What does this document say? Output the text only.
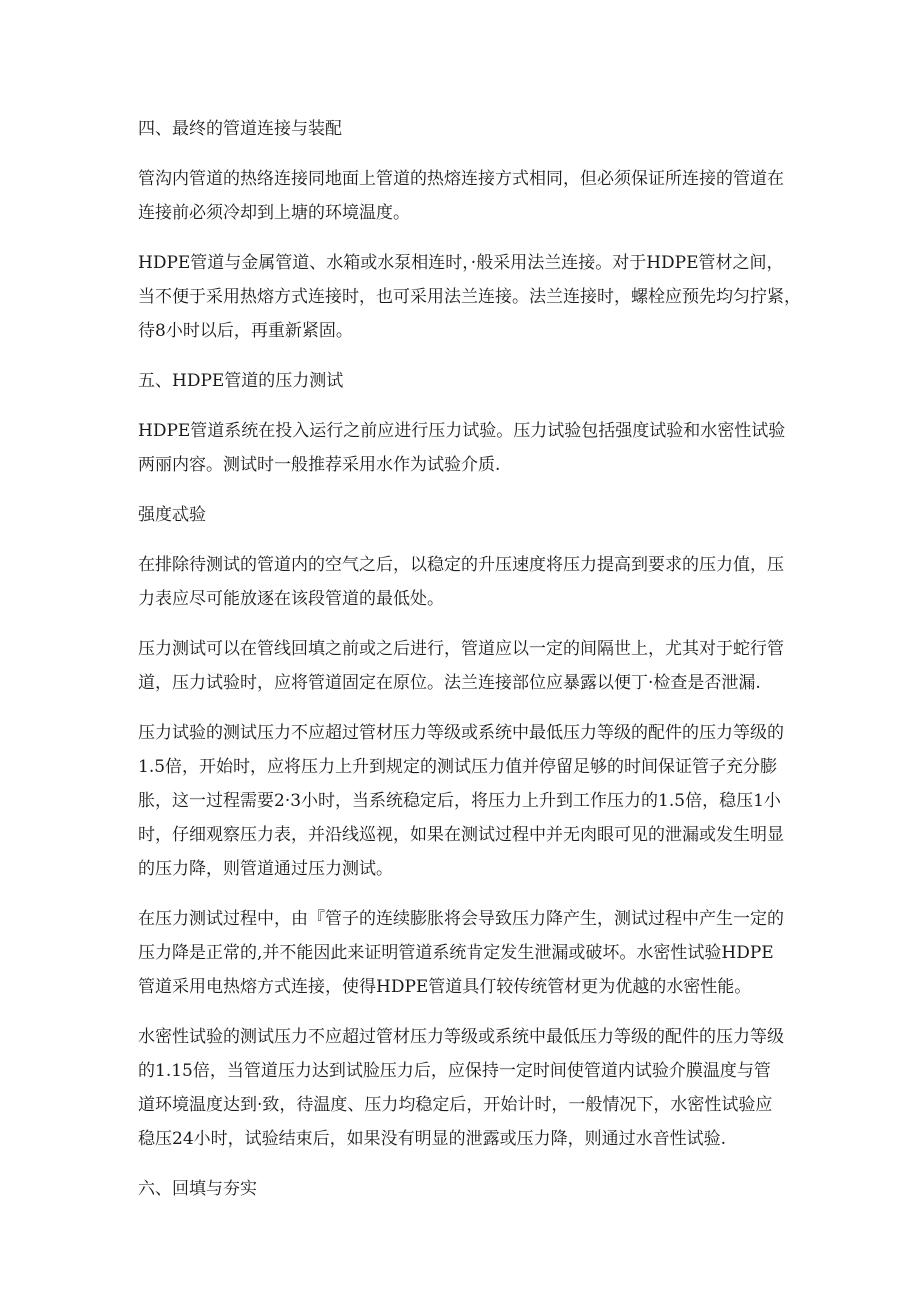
四、最终的管道连接与装配

管沟内管道的热络连接同地面上管道的热熔连接方式相同，但必须保证所连接的管道在
连接前必须冷却到上塘的环境温度。

HDPE管道与金属管道、水箱或水泵相连时，·般采用法兰连接。对于HDPE管材之间，
当不便于采用热熔方式连接时，也可采用法兰连接。法兰连接时，螺栓应预先均匀拧紧，
待8小时以后，再重新紧固。

五、HDPE管道的压力测试

HDPE管道系统在投入运行之前应进行压力试验。压力试验包括强度试验和水密性试验
两丽内容。测试时一般推荐采用水作为试验介质.

强度忒验

在排除待测试的管道内的空气之后，以稳定的升压速度将压力提高到要求的压力值，压
力表应尽可能放逐在该段管道的最低处。

压力测试可以在管线回填之前或之后进行，管道应以一定的间隔世上，尤其对于蛇行管
道，压力试验时，应将管道固定在原位。法兰连接部位应暴露以便丁·检查是否泄漏.

压力试验的测试压力不应超过管材压力等级或系统中最低压力等级的配件的压力等级的
1.5倍，开始时，应将压力上升到规定的测试压力值并停留足够的时间保证管子充分膨
胀，这一过程需要2·3小时，当系统稳定后，将压力上升到工作压力的1.5倍，稳压1小
时，仔细观察压力表，并沿线巡视，如果在测试过程中并无肉眼可见的泄漏或发生明显
的压力降，则管道通过压力测试。

在压力测试过程中，由『管子的连续膨胀将会导致压力降产生，测试过程中产生一定的
压力降是正常的,并不能因此来证明管道系统肯定发生泄漏或破坏。水密性试验HDPE
管道采用电热熔方式连接，使得HDPE管道具仃较传统管材更为优越的水密性能。

水密性试验的测试压力不应超过管材压力等级或系统中最低压力等级的配件的压力等级
的1.15倍，当管道压力达到试脸压力后，应保持一定时间使管道内试验介膜温度与管
道环境温度达到·致，待温度、压力均稳定后，开始计时，一般情况下，水密性试验应
稳压24小时，试验结束后，如果没有明显的泄露或压力降，则通过水音性试验.

六、回填与夯实
